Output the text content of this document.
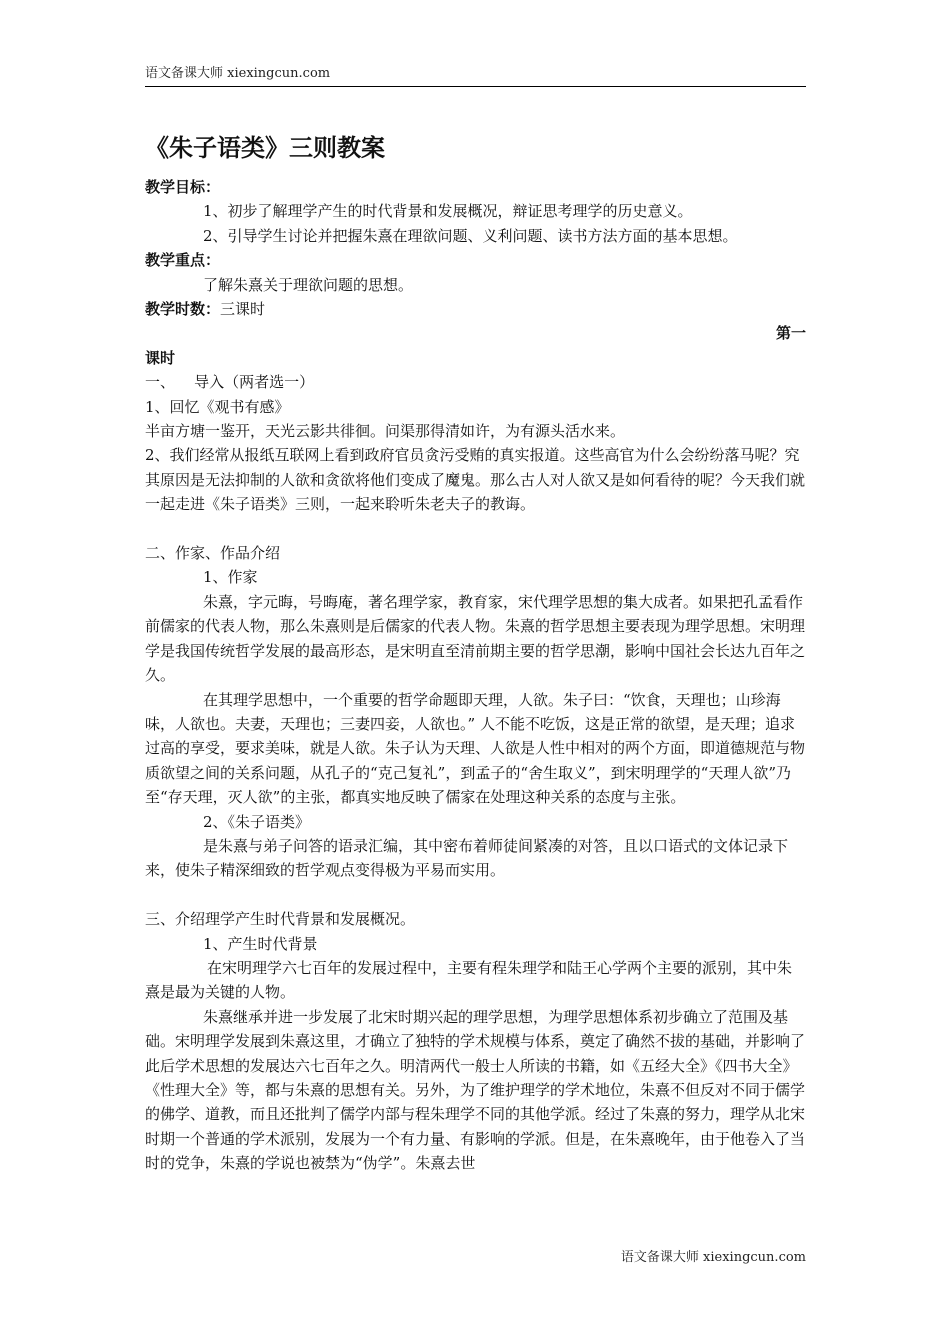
语文备课大师 xiexingcun.com
《朱子语类》三则教案

教学目标：

1、初步了解理学产生的时代背景和发展概况，辩证思考理学的历史意义。

2、引导学生讨论并把握朱熹在理欲问题、义利问题、读书方法方面的基本思想。

教学重点：

了解朱熹关于理欲问题的思想。

教学时数：三课时

第一

课时

一、    导入（两者选一）

1、回忆《观书有感》

半亩方塘一鉴开，天光云影共徘徊。问渠那得清如许，为有源头活水来。

2、我们经常从报纸互联网上看到政府官员贪污受贿的真实报道。这些高官为什么会纷纷落马呢？究其原因是无法抑制的人欲和贪欲将他们变成了魔鬼。那么古人对人欲又是如何看待的呢？今天我们就一起走进《朱子语类》三则，一起来聆听朱老夫子的教诲。

二、作家、作品介绍

1、作家

朱熹，字元晦，号晦庵，著名理学家，教育家，宋代理学思想的集大成者。如果把孔孟看作前儒家的代表人物，那么朱熹则是后儒家的代表人物。朱熹的哲学思想主要表现为理学思想。宋明理学是我国传统哲学发展的最高形态，是宋明直至清前期主要的哲学思潮，影响中国社会长达九百年之久。

在其理学思想中，一个重要的哲学命题即天理，人欲。朱子曰：“饮食，天理也；山珍海味，人欲也。夫妻，天理也；三妻四妾，人欲也。” 人不能不吃饭，这是正常的欲望，是天理；追求过高的享受，要求美味，就是人欲。朱子认为天理、人欲是人性中相对的两个方面，即道德规范与物质欲望之间的关系问题，从孔子的“克己复礼”，到孟子的“舍生取义”，到宋明理学的“天理人欲”乃至“存天理，灭人欲”的主张，都真实地反映了儒家在处理这种关系的态度与主张。

2、《朱子语类》

是朱熹与弟子问答的语录汇编，其中密布着师徒间紧凑的对答，且以口语式的文体记录下来，使朱子精深细致的哲学观点变得极为平易而实用。

三、介绍理学产生时代背景和发展概况。

1、产生时代背景

在宋明理学六七百年的发展过程中，主要有程朱理学和陆王心学两个主要的派别，其中朱熹是最为关键的人物。

朱熹继承并进一步发展了北宋时期兴起的理学思想，为理学思想体系初步确立了范围及基础。宋明理学发展到朱熹这里，才确立了独特的学术规模与体系，奠定了确然不拔的基础，并影响了此后学术思想的发展达六七百年之久。明清两代一般士人所读的书籍，如《五经大全》《四书大全》《性理大全》等，都与朱熹的思想有关。另外，为了维护理学的学术地位，朱熹不但反对不同于儒学的佛学、道教，而且还批判了儒学内部与程朱理学不同的其他学派。经过了朱熹的努力，理学从北宋时期一个普通的学术派别，发展为一个有力量、有影响的学派。但是，在朱熹晚年，由于他卷入了当时的党争，朱熹的学说也被禁为“伪学”。朱熹去世

语文备课大师 xiexingcun.com
